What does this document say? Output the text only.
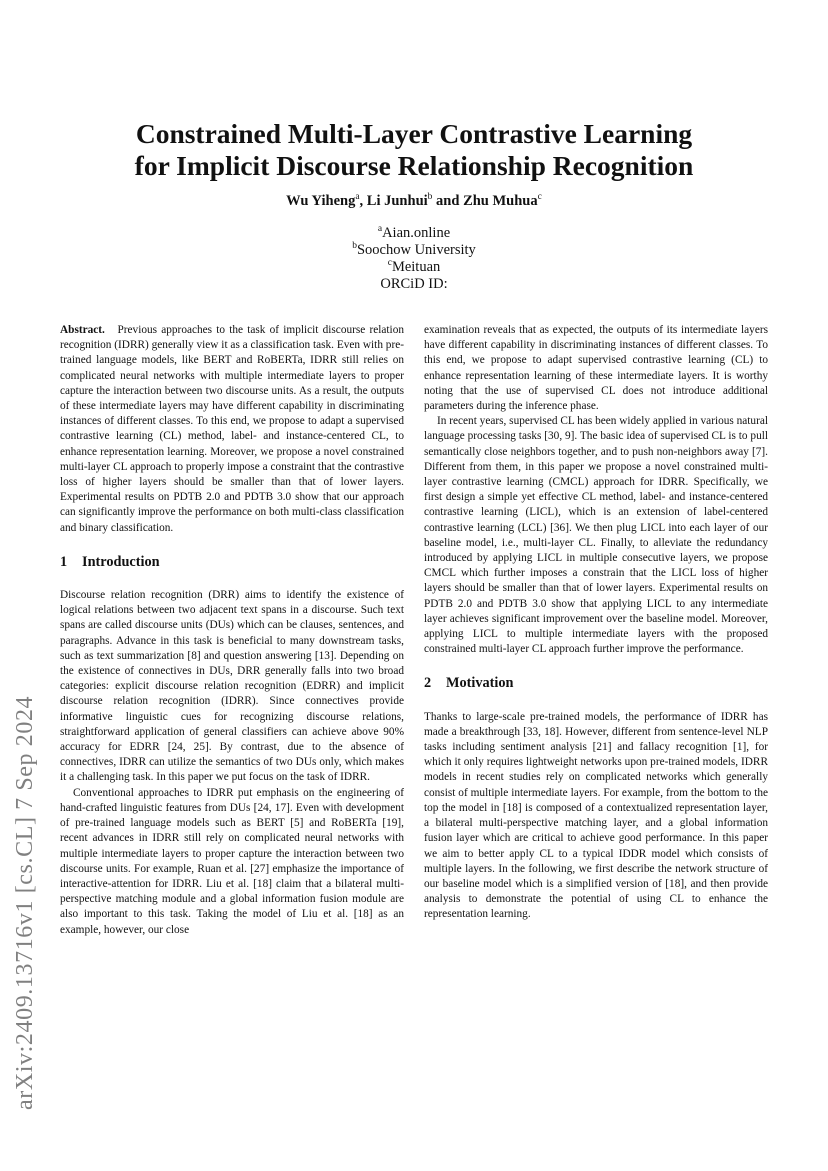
Constrained Multi-Layer Contrastive Learning
for Implicit Discourse Relationship Recognition
Wu Yiheng$^a$, Li Junhui$^b$ and Zhu Muhua$^c$
$^a$Aian.online
$^b$Soochow University
$^c$Meituan
ORCiD ID:
arXiv:2409.13716v1 [cs.CL] 7 Sep 2024

Abstract. Previous approaches to the task of implicit discourse relation recognition (IDRR) generally view it as a classification task. Even with pre-trained language models, like BERT and RoBERTa, IDRR still relies on complicated neural networks with multiple intermediate layers to proper capture the interaction between two discourse units. As a result, the outputs of these intermediate layers may have different capability in discriminating instances of different classes. To this end, we propose to adapt a supervised contrastive learning (CL) method, label- and instance-centered CL, to enhance representation learning. Moreover, we propose a novel constrained multi-layer CL approach to properly impose a constraint that the contrastive loss of higher layers should be smaller than that of lower layers. Experimental results on PDTB 2.0 and PDTB 3.0 show that our approach can significantly improve the performance on both multi-class classification and binary classification.

1 Introduction

Discourse relation recognition (DRR) aims to identify the existence of logical relations between two adjacent text spans in a discourse. Such text spans are called discourse units (DUs) which can be clauses, sentences, and paragraphs. Advance in this task is beneficial to many downstream tasks, such as text summarization [8] and question answering [13]. Depending on the existence of connectives in DUs, DRR generally falls into two broad categories: explicit discourse relation recognition (EDRR) and implicit discourse relation recognition (IDRR). Since connectives provide informative linguistic cues for recognizing discourse relations, straightforward application of general classifiers can achieve above 90% accuracy for EDRR [24, 25]. By contrast, due to the absence of connectives, IDRR can utilize the semantics of two DUs only, which makes it a challenging task. In this paper we put focus on the task of IDRR.

Conventional approaches to IDRR put emphasis on the engineering of hand-crafted linguistic features from DUs [24, 17]. Even with development of pre-trained language models such as BERT [5] and RoBERTa [19], recent advances in IDRR still rely on complicated neural networks with multiple intermediate layers to proper capture the interaction between two discourse units. For example, Ruan et al. [27] emphasize the importance of interactive-attention for IDRR. Liu et al. [18] claim that a bilateral multi-perspective matching module and a global information fusion module are also important to this task. Taking the model of Liu et al. [18] as an example, however, our close

examination reveals that as expected, the outputs of its intermediate layers have different capability in discriminating instances of different classes. To this end, we propose to adapt supervised contrastive learning (CL) to enhance representation learning of these intermediate layers. It is worthy noting that the use of supervised CL does not introduce additional parameters during the inference phase.

In recent years, supervised CL has been widely applied in various natural language processing tasks [30, 9]. The basic idea of supervised CL is to pull semantically close neighbors together, and to push non-neighbors away [7]. Different from them, in this paper we propose a novel constrained multi-layer contrastive learning (CMCL) approach for IDRR. Specifically, we first design a simple yet effective CL method, label- and instance-centered contrastive learning (LICL), which is an extension of label-centered contrastive learning (LCL) [36]. We then plug LICL into each layer of our baseline model, i.e., multi-layer CL. Finally, to alleviate the redundancy introduced by applying LICL in multiple consecutive layers, we propose CMCL which further imposes a constrain that the LICL loss of higher layers should be smaller than that of lower layers. Experimental results on PDTB 2.0 and PDTB 3.0 show that applying LICL to any intermediate layer achieves significant improvement over the baseline model. Moreover, applying LICL to multiple intermediate layers with the proposed constrained multi-layer CL approach further improve the performance.

2 Motivation

Thanks to large-scale pre-trained models, the performance of IDRR has made a breakthrough [33, 18]. However, different from sentence-level NLP tasks including sentiment analysis [21] and fallacy recognition [1], for which it only requires lightweight networks upon pre-trained models, IDRR models in recent studies rely on complicated networks which generally consist of multiple intermediate layers. For example, from the bottom to the top the model in [18] is composed of a contextualized representation layer, a bilateral multi-perspective matching layer, and a global information fusion layer which are critical to achieve good performance. In this paper we aim to better apply CL to a typical IDDR model which consists of multiple layers. In the following, we first describe the network structure of our baseline model which is a simplified version of [18], and then provide analysis to demonstrate the potential of using CL to enhance the representation learning.
